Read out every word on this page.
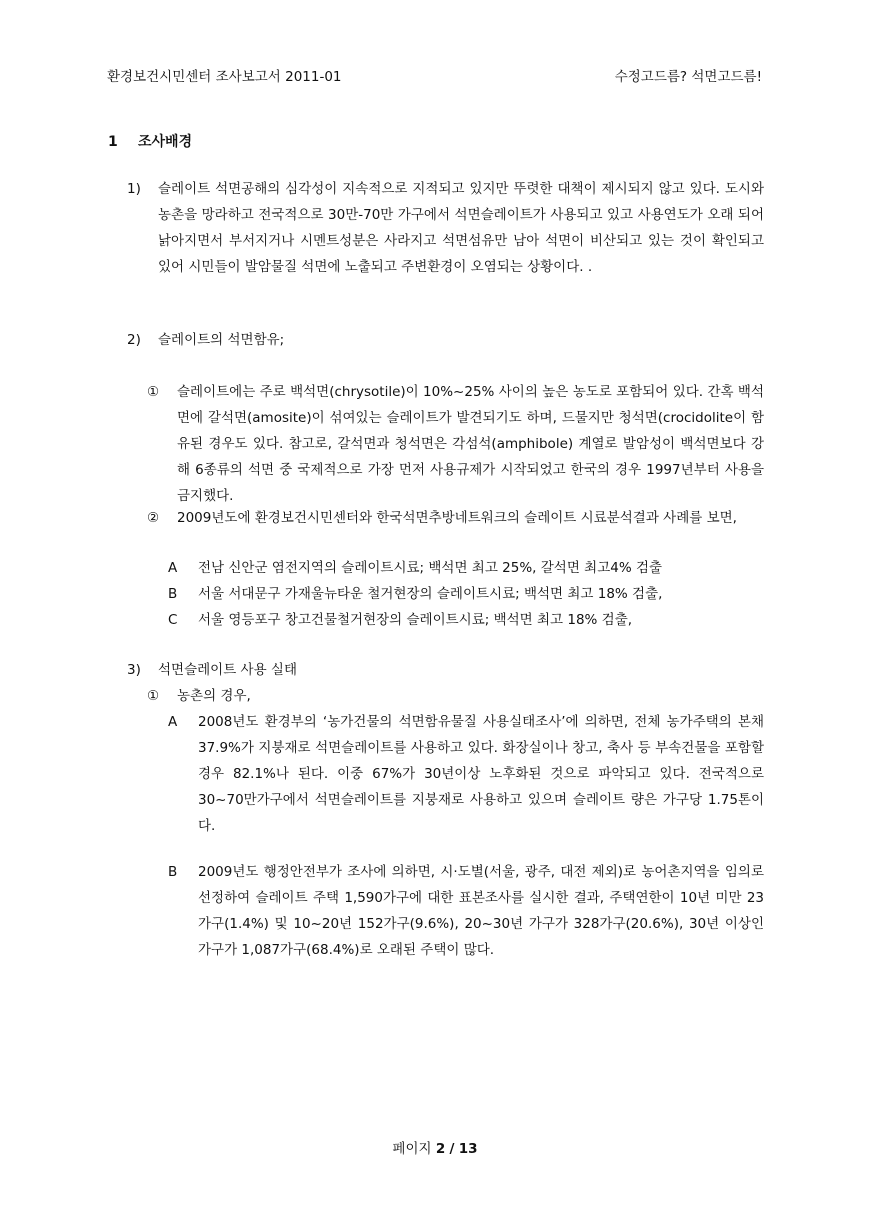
환경보건시민센터 조사보고서 2011-01	수정고드름? 석면고드름!
1 조사배경
1) 슬레이트 석면공해의 심각성이 지속적으로 지적되고 있지만 뚜렷한 대책이 제시되지 않고 있다. 도시와 농촌을 망라하고 전국적으로 30만-70만 가구에서 석면슬레이트가 사용되고 있고 사용연도가 오래 되어 낡아지면서 부서지거나 시멘트성분은 사라지고 석면섬유만 남아 석면이 비산되고 있는 것이 확인되고 있어 시민들이 발암물질 석면에 노출되고 주변환경이 오염되는 상황이다. .

2) 슬레이트의 석면함유;
① 슬레이트에는 주로 백석면(chrysotile)이 10%~25% 사이의 높은 농도로 포함되어 있다. 간혹 백석면에 갈석면(amosite)이 섞여있는 슬레이트가 발견되기도 하며, 드물지만 청석면(crocidolite이 함유된 경우도 있다. 참고로, 갈석면과 청석면은 각섬석(amphibole) 계열로 발암성이 백석면보다 강해 6종류의 석면 중 국제적으로 가장 먼저 사용규제가 시작되었고 한국의 경우 1997년부터 사용을 금지했다.

② 2009년도에 환경보건시민센터와 한국석면추방네트워크의 슬레이트 시료분석결과 사례를 보면,

A 전남 신안군 염전지역의 슬레이트시료; 백석면 최고 25%, 갈석면 최고4% 검출
B 서울 서대문구 가재울뉴타운 철거현장의 슬레이트시료; 백석면 최고 18% 검출,
C 서울 영등포구 창고건물철거현장의 슬레이트시료; 백석면 최고 18% 검출,
3) 석면슬레이트 사용 실태
① 농촌의 경우,
A 2008년도 환경부의 ‘농가건물의 석면함유물질 사용실태조사’에 의하면, 전체 농가주택의 본채 37.9%가 지붕재로 석면슬레이트를 사용하고 있다. 화장실이나 창고, 축사 등 부속건물을 포함할 경우 82.1%나 된다. 이중 67%가 30년이상 노후화된 것으로 파악되고 있다. 전국적으로 30~70만가구에서 석면슬레이트를 지붕재로 사용하고 있으며 슬레이트 량은 가구당 1.75톤이다.

B 2009년도 행정안전부가 조사에 의하면, 시·도별(서울, 광주, 대전 제외)로 농어촌지역을 임의로 선정하여 슬레이트 주택 1,590가구에 대한 표본조사를 실시한 결과, 주택연한이 10년 미만 23가구(1.4%) 및 10~20년 152가구(9.6%), 20~30년 가구가 328가구(20.6%), 30년 이상인 가구가 1,087가구(68.4%)로 오래된 주택이 많다.

페이지 2 / 13
